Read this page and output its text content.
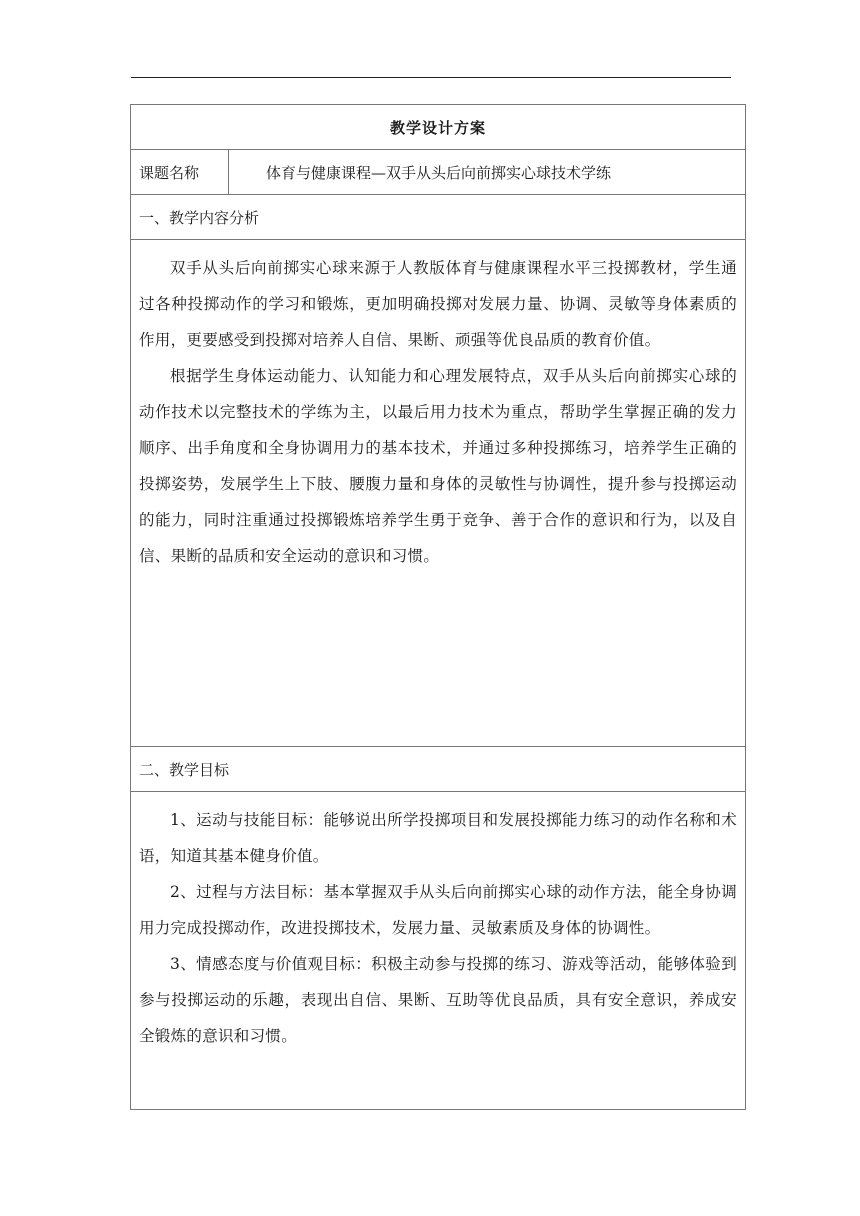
教学设计方案
课题名称	体育与健康课程—双手从头后向前掷实心球技术学练
一、教学内容分析

双手从头后向前掷实心球来源于人教版体育与健康课程水平三投掷教材，学生通过各种投掷动作的学习和锻炼，更加明确投掷对发展力量、协调、灵敏等身体素质的作用，更要感受到投掷对培养人自信、果断、顽强等优良品质的教育价值。

根据学生身体运动能力、认知能力和心理发展特点，双手从头后向前掷实心球的动作技术以完整技术的学练为主，以最后用力技术为重点，帮助学生掌握正确的发力顺序、出手角度和全身协调用力的基本技术，并通过多种投掷练习，培养学生正确的投掷姿势，发展学生上下肢、腰腹力量和身体的灵敏性与协调性，提升参与投掷运动的能力，同时注重通过投掷锻炼培养学生勇于竞争、善于合作的意识和行为，以及自信、果断的品质和安全运动的意识和习惯。

二、教学目标

1、运动与技能目标：能够说出所学投掷项目和发展投掷能力练习的动作名称和术语，知道其基本健身价值。

2、过程与方法目标：基本掌握双手从头后向前掷实心球的动作方法，能全身协调用力完成投掷动作，改进投掷技术，发展力量、灵敏素质及身体的协调性。

3、情感态度与价值观目标：积极主动参与投掷的练习、游戏等活动，能够体验到参与投掷运动的乐趣，表现出自信、果断、互助等优良品质，具有安全意识，养成安全锻炼的意识和习惯。
